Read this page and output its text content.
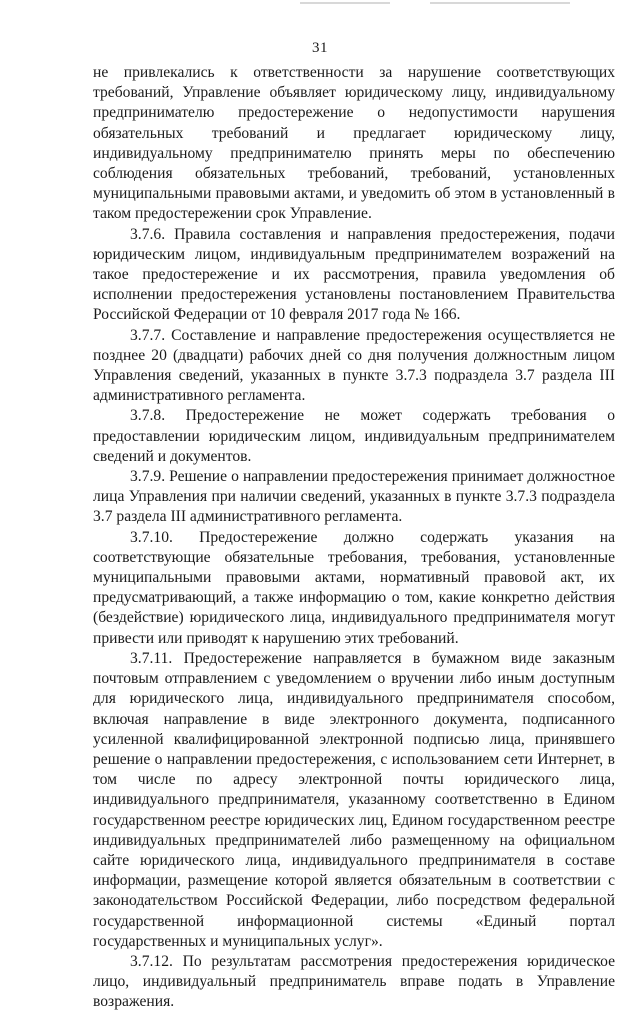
31

не привлекались к ответственности за нарушение соответствующих требований, Управление объявляет юридическому лицу, индивидуальному предпринимателю предостережение о недопустимости нарушения обязательных требований и предлагает юридическому лицу, индивидуальному предпринимателю принять меры по обеспечению соблюдения обязательных требований, требований, установленных муниципальными правовыми актами, и уведомить об этом в установленный в таком предостережении срок Управление.

3.7.6. Правила составления и направления предостережения, подачи юридическим лицом, индивидуальным предпринимателем возражений на такое предостережение и их рассмотрения, правила уведомления об исполнении предостережения установлены постановлением Правительства Российской Федерации от 10 февраля 2017 года № 166.

3.7.7. Составление и направление предостережения осуществляется не позднее 20 (двадцати) рабочих дней со дня получения должностным лицом Управления сведений, указанных в пункте 3.7.3 подраздела 3.7 раздела III административного регламента.

3.7.8. Предостережение не может содержать требования о предоставлении юридическим лицом, индивидуальным предпринимателем сведений и документов.

3.7.9. Решение о направлении предостережения принимает должностное лица Управления при наличии сведений, указанных в пункте 3.7.3 подраздела 3.7 раздела III административного регламента.

3.7.10. Предостережение должно содержать указания на соответствующие обязательные требования, требования, установленные муниципальными правовыми актами, нормативный правовой акт, их предусматривающий, а также информацию о том, какие конкретно действия (бездействие) юридического лица, индивидуального предпринимателя могут привести или приводят к нарушению этих требований.

3.7.11. Предостережение направляется в бумажном виде заказным почтовым отправлением с уведомлением о вручении либо иным доступным для юридического лица, индивидуального предпринимателя способом, включая направление в виде электронного документа, подписанного усиленной квалифицированной электронной подписью лица, принявшего решение о направлении предостережения, с использованием сети Интернет, в том числе по адресу электронной почты юридического лица, индивидуального предпринимателя, указанному соответственно в Едином государственном реестре юридических лиц, Едином государственном реестре индивидуальных предпринимателей либо размещенному на официальном сайте юридического лица, индивидуального предпринимателя в составе информации, размещение которой является обязательным в соответствии с законодательством Российской Федерации, либо посредством федеральной государственной информационной системы «Единый портал государственных и муниципальных услуг».

3.7.12. По результатам рассмотрения предостережения юридическое лицо, индивидуальный предприниматель вправе подать в Управление возражения.
